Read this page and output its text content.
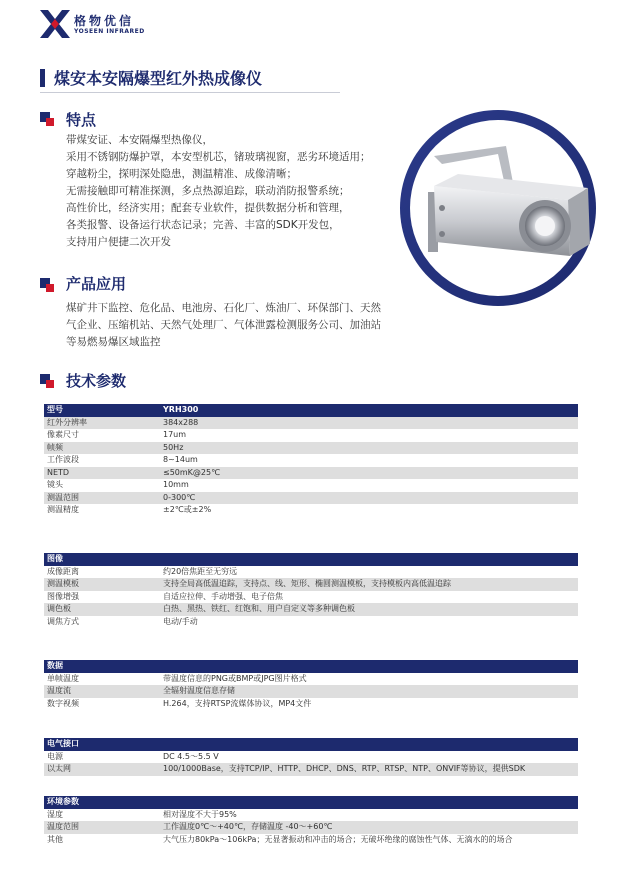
格物优信
YOSEEN INFRARED
煤安本安隔爆型红外热成像仪
特点
带煤安证、本安隔爆型热像仪，
采用不锈钢防爆护罩，本安型机芯，锗玻璃视窗，恶劣环境适用；
穿越粉尘，探明深处隐患，测温精准、成像清晰；
无需接触即可精准探测，多点热源追踪，联动消防报警系统；
高性价比，经济实用；配套专业软件，提供数据分析和管理，
各类报警、设备运行状态记录；完善、丰富的SDK开发包，
支持用户便捷二次开发
产品应用
煤矿井下监控、危化品、电池房、石化厂、炼油厂、环保部门、天然
气企业、压缩机站、天然气处理厂、气体泄露检测服务公司、加油站
等易燃易爆区域监控
技术参数
型号	YRH300
红外分辨率	384x288
像素尺寸	17um
帧频	50Hz
工作波段	8~14um
NETD	≤50mK@25℃
镜头	10mm
测温范围	0-300℃
测温精度	±2℃或±2%
图像	
成像距离	约20倍焦距至无穷远
测温模板	支持全局高低温追踪，支持点、线、矩形、椭圆测温模板，支持模板内高低温追踪
图像增强	自适应拉伸、手动增强、电子倍焦
调色板	白热、黑热、铁红、红饱和、用户自定义等多种调色板
调焦方式	电动/手动
数据	
单帧温度	带温度信息的PNG或BMP或JPG图片格式
温度流	全辐射温度信息存储
数字视频	H.264，支持RTSP流媒体协议，MP4文件
电气接口	
电源	DC 4.5～5.5 V
以太网	100/1000Base，支持TCP/IP、HTTP、DHCP、DNS、RTP、RTSP、NTP、ONVIF等协议，提供SDK
环境参数	
湿度	相对湿度不大于95%
温度范围	工作温度0℃～+40℃，存储温度 -40～+60℃
其他	大气压力80kPa～106kPa；无显著振动和冲击的场合；无破坏绝缘的腐蚀性气体、无滴水的的场合
